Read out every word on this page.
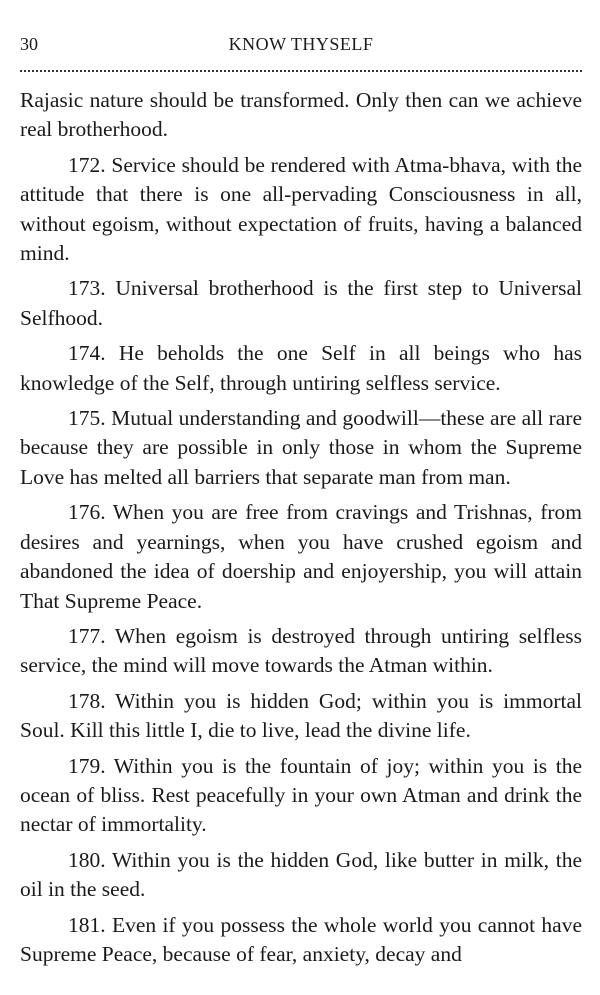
30	KNOW THYSELF

Rajasic nature should be transformed. Only then can we achieve real brotherhood.

172. Service should be rendered with Atma-bhava, with the attitude that there is one all-pervading Consciousness in all, without egoism, without expectation of fruits, having a balanced mind.

173. Universal brotherhood is the first step to Universal Selfhood.

174. He beholds the one Self in all beings who has knowledge of the Self, through untiring selfless service.

175. Mutual understanding and goodwill—these are all rare because they are possible in only those in whom the Supreme Love has melted all barriers that separate man from man.

176. When you are free from cravings and Trishnas, from desires and yearnings, when you have crushed egoism and abandoned the idea of doership and enjoyership, you will attain That Supreme Peace.

177. When egoism is destroyed through untiring selfless service, the mind will move towards the Atman within.

178. Within you is hidden God; within you is immortal Soul. Kill this little I, die to live, lead the divine life.

179. Within you is the fountain of joy; within you is the ocean of bliss. Rest peacefully in your own Atman and drink the nectar of immortality.

180. Within you is the hidden God, like butter in milk, the oil in the seed.

181. Even if you possess the whole world you cannot have Supreme Peace, because of fear, anxiety, decay and
